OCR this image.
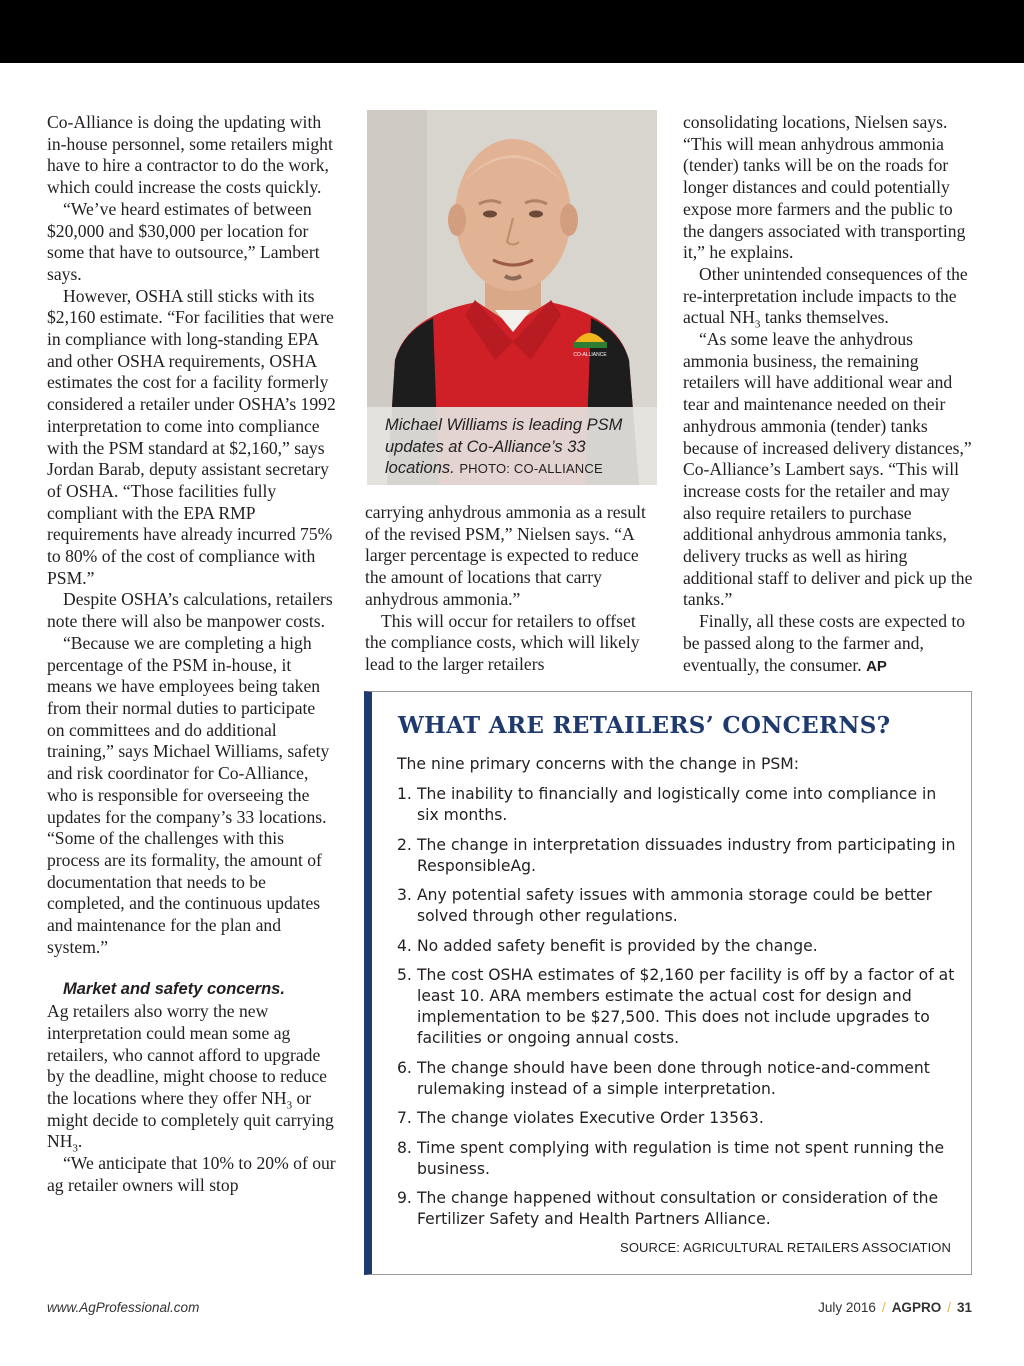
Co-Alliance is doing the updating with in-house personnel, some retailers might have to hire a contractor to do the work, which could increase the costs quickly.

“We’ve heard estimates of between $20,000 and $30,000 per location for some that have to outsource,” Lambert says.

However, OSHA still sticks with its $2,160 estimate. “For facilities that were in compliance with long-standing EPA and other OSHA requirements, OSHA estimates the cost for a facility formerly considered a retailer under OSHA’s 1992 interpretation to come into compliance with the PSM standard at $2,160,” says Jordan Barab, deputy assistant secretary of OSHA. “Those facilities fully compliant with the EPA RMP requirements have already incurred 75% to 80% of the cost of compliance with PSM.”

Despite OSHA’s calculations, retailers note there will also be manpower costs.

“Because we are completing a high percentage of the PSM in-house, it means we have employees being taken from their normal duties to participate on committees and do additional training,” says Michael Williams, safety and risk coordinator for Co-Alliance, who is responsible for overseeing the updates for the company’s 33 locations. “Some of the challenges with this process are its formality, the amount of documentation that needs to be completed, and the continuous updates and maintenance for the plan and system.”

Market and safety concerns.

Ag retailers also worry the new interpretation could mean some ag retailers, who cannot afford to upgrade by the deadline, might choose to reduce the locations where they offer $NH_3$ or might decide to completely quit carrying $NH_3$.

“We anticipate that 10% to 20% of our ag retailer owners will stop

CO-ALLIANCE
Michael Williams is leading PSM updates at Co-Alliance’s 33 locations. PHOTO: CO-ALLIANCE

carrying anhydrous ammonia as a result of the revised PSM,” Nielsen says. “A larger percentage is expected to reduce the amount of locations that carry anhydrous ammonia.”

This will occur for retailers to offset the compliance costs, which will likely lead to the larger retailers

consolidating locations, Nielsen says. “This will mean anhydrous ammonia (tender) tanks will be on the roads for longer distances and could potentially expose more farmers and the public to the dangers associated with transporting it,” he explains.

Other unintended consequences of the re-interpretation include impacts to the actual $NH_3$ tanks themselves.

“As some leave the anhydrous ammonia business, the remaining retailers will have additional wear and tear and maintenance needed on their anhydrous ammonia (tender) tanks because of increased delivery distances,” Co-Alliance’s Lambert says. “This will increase costs for the retailer and may also require retailers to purchase additional anhydrous ammonia tanks, delivery trucks as well as hiring additional staff to deliver and pick up the tanks.”

Finally, all these costs are expected to be passed along to the farmer and, eventually, the consumer. AP

WHAT ARE RETAILERS’ CONCERNS?
The nine primary concerns with the change in PSM:
1. The inability to financially and logistically come into compliance in six months.
2. The change in interpretation dissuades industry from participating in ResponsibleAg.
3. Any potential safety issues with ammonia storage could be better solved through other regulations.
4. No added safety benefit is provided by the change.
5. The cost OSHA estimates of $2,160 per facility is off by a factor of at least 10. ARA members estimate the actual cost for design and implementation to be $27,500. This does not include upgrades to facilities or ongoing annual costs.
6. The change should have been done through notice-and-comment rulemaking instead of a simple interpretation.
7. The change violates Executive Order 13563.
8. Time spent complying with regulation is time not spent running the business.
9. The change happened without consultation or consideration of the Fertilizer Safety and Health Partners Alliance.
SOURCE: AGRICULTURAL RETAILERS ASSOCIATION
www.AgProfessional.com	July 2016 / AGPRO / 31
